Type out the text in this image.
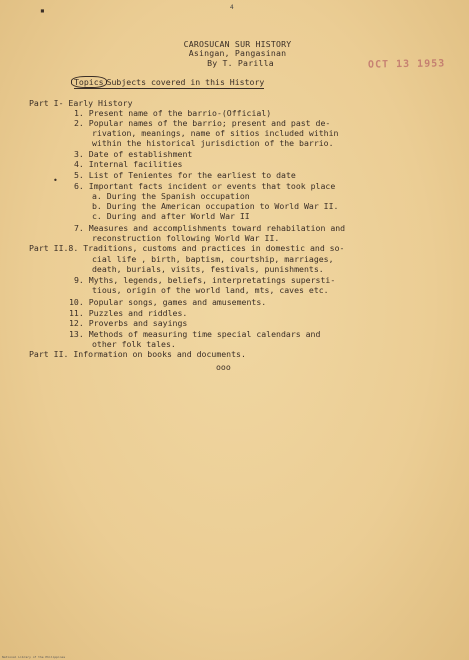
4
▪
•
CAROSUCAN SUR HISTORY
Asingan, Pangasinan
By T. Parilla	OCT 13 1953
Topics Subjects covered in this History
Part I- Early History
1. Present name of the barrio-(Official)
2. Popular names of the barrio; present and past de-
rivation, meanings, name of sitios included within
within the historical jurisdiction of the barrio.
3. Date of establishment
4. Internal facilities
5. List of Tenientes for the earliest to date
6. Important facts incident or events that took place
a. During the Spanish occupation
b. During the American occupation to World War II.
c. During and after World War II
7. Measures and accomplishments toward rehabilation and
reconstruction following World War II.
Part II.8. Traditions, customs and practices in domestic and so-
cial life , birth, baptism, courtship, marriages,
death, burials, visits, festivals, punishments.
9. Myths, legends, beliefs, interpretatings supersti-
tious, origin of the world land, mts, caves etc.
10. Popular songs, games and amusements.
11. Puzzles and riddles.
12. Proverbs and sayings
13. Methods of measuring time special calendars and
other folk tales.
Part II. Information on books and documents.
ooo
National Library of the Philippines
